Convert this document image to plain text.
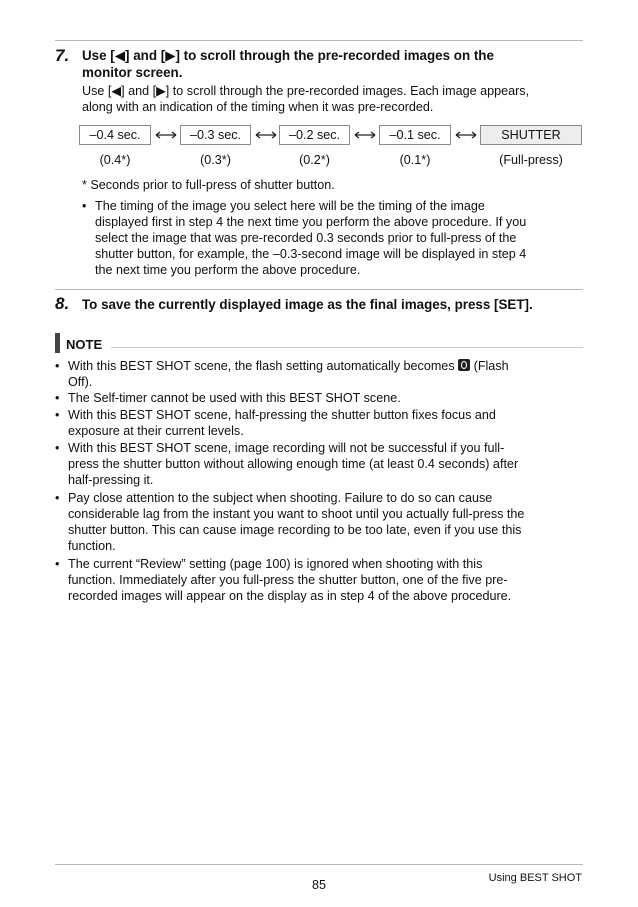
7. Use [◀] and [▶] to scroll through the pre-recorded images on the
monitor screen.
Use [◀] and [▶] to scroll through the pre-recorded images. Each image appears,
along with an indication of the timing when it was pre-recorded.
–0.4 sec.	–0.3 sec.	–0.2 sec.	–0.1 sec.	SHUTTER
(0.4*)	(0.3*)	(0.2*)	(0.1*)	(Full-press)
* Seconds prior to full-press of shutter button.
• The timing of the image you select here will be the timing of the image
displayed first in step 4 the next time you perform the above procedure. If you
select the image that was pre-recorded 0.3 seconds prior to full-press of the
shutter button, for example, the –0.3-second image will be displayed in step 4
the next time you perform the above procedure.
8. To save the currently displayed image as the final images, press [SET].
NOTE
• With this BEST SHOT scene, the flash setting automatically becomes  (Flash
Off).
• The Self-timer cannot be used with this BEST SHOT scene.
• With this BEST SHOT scene, half-pressing the shutter button fixes focus and
exposure at their current levels.
• With this BEST SHOT scene, image recording will not be successful if you full-
press the shutter button without allowing enough time (at least 0.4 seconds) after
half-pressing it.
• Pay close attention to the subject when shooting. Failure to do so can cause
considerable lag from the instant you want to shoot until you actually full-press the
shutter button. This can cause image recording to be too late, even if you use this
function.
• The current “Review” setting (page 100) is ignored when shooting with this
function. Immediately after you full-press the shutter button, one of the five pre-
recorded images will appear on the display as in step 4 of the above procedure.
Using BEST SHOT
85
